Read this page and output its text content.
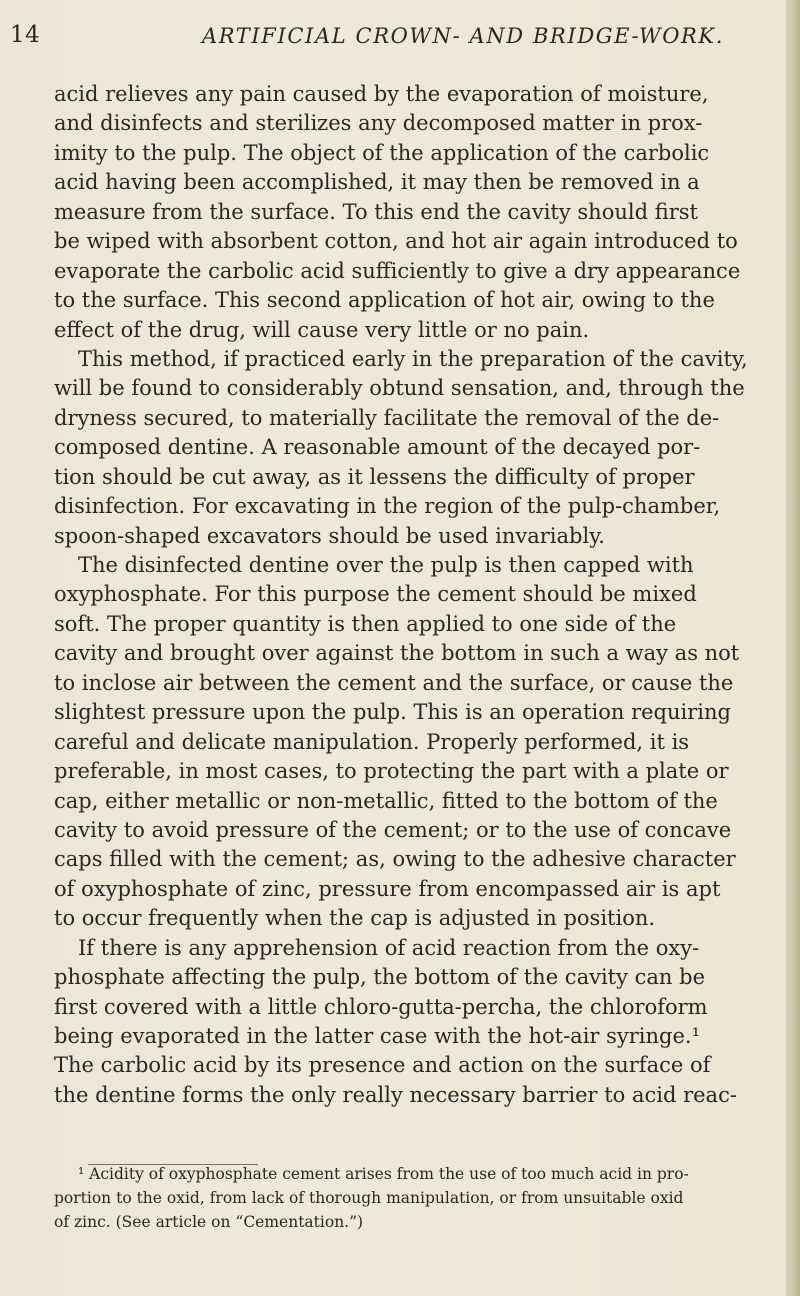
14	ARTIFICIAL CROWN- AND BRIDGE-WORK.
acid relieves any pain caused by the evaporation of moisture,
and disinfects and sterilizes any decomposed matter in prox-
imity to the pulp. The object of the application of the carbolic
acid having been accomplished, it may then be removed in a
measure from the surface. To this end the cavity should first
be wiped with absorbent cotton, and hot air again introduced to
evaporate the carbolic acid sufficiently to give a dry appearance
to the surface. This second application of hot air, owing to the
effect of the drug, will cause very little or no pain.
This method, if practiced early in the preparation of the cavity,
will be found to considerably obtund sensation, and, through the
dryness secured, to materially facilitate the removal of the de-
composed dentine. A reasonable amount of the decayed por-
tion should be cut away, as it lessens the difficulty of proper
disinfection. For excavating in the region of the pulp-chamber,
spoon-shaped excavators should be used invariably.
The disinfected dentine over the pulp is then capped with
oxyphosphate. For this purpose the cement should be mixed
soft. The proper quantity is then applied to one side of the
cavity and brought over against the bottom in such a way as not
to inclose air between the cement and the surface, or cause the
slightest pressure upon the pulp. This is an operation requiring
careful and delicate manipulation. Properly performed, it is
preferable, in most cases, to protecting the part with a plate or
cap, either metallic or non-metallic, fitted to the bottom of the
cavity to avoid pressure of the cement; or to the use of concave
caps filled with the cement; as, owing to the adhesive character
of oxyphosphate of zinc, pressure from encompassed air is apt
to occur frequently when the cap is adjusted in position.
If there is any apprehension of acid reaction from the oxy-
phosphate affecting the pulp, the bottom of the cavity can be
first covered with a little chloro-gutta-percha, the chloroform
being evaporated in the latter case with the hot-air syringe.¹
The carbolic acid by its presence and action on the surface of
the dentine forms the only really necessary barrier to acid reac-
¹ Acidity of oxyphosphate cement arises from the use of too much acid in pro-
portion to the oxid, from lack of thorough manipulation, or from unsuitable oxid
of zinc. (See article on “Cementation.”)
